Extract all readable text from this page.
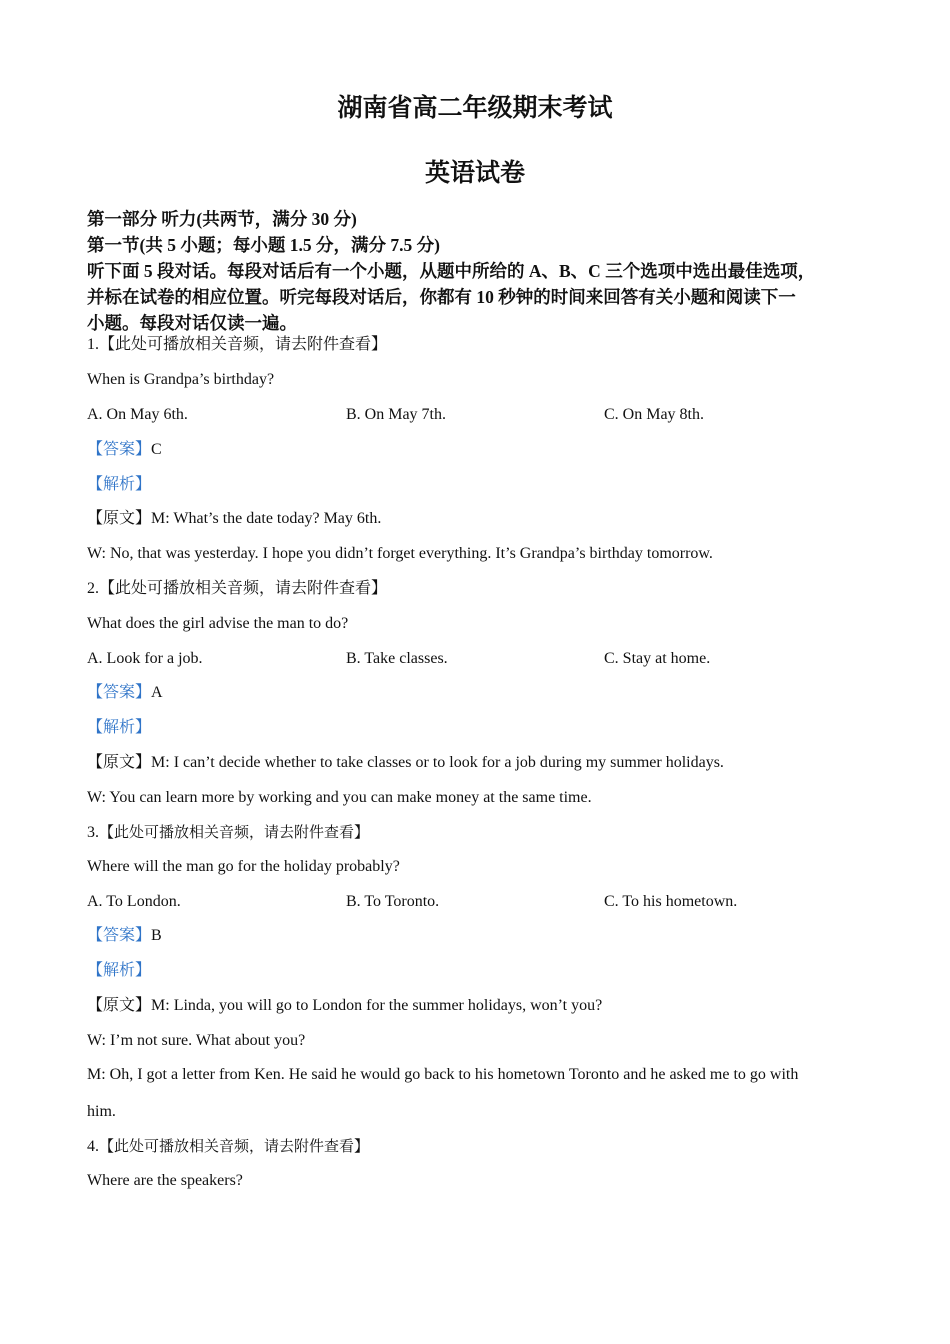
湖南省高二年级期末考试
英语试卷

第一部分 听力(共两节，满分 30 分)

第一节(共 5 小题；每小题 1.5 分，满分 7.5 分)

听下面 5 段对话。每段对话后有一个小题，从题中所给的 A、B、C 三个选项中选出最佳选项，

并标在试卷的相应位置。听完每段对话后，你都有 10 秒钟的时间来回答有关小题和阅读下一

小题。每段对话仅读一遍。

1.【此处可播放相关音频，请去附件查看】

When is Grandpa’s birthday?

A. On May 6th.	B. On May 7th.	C. On May 8th.

【答案】C

【解析】

【原文】M: What’s the date today? May 6th.

W: No, that was yesterday. I hope you didn’t forget everything. It’s Grandpa’s birthday tomorrow.

2.【此处可播放相关音频，请去附件查看】

What does the girl advise the man to do?

A. Look for a job.	B. Take classes.	C. Stay at home.

【答案】A

【解析】

【原文】M: I can’t decide whether to take classes or to look for a job during my summer holidays.

W: You can learn more by working and you can make money at the same time.

3.【此处可播放相关音频，请去附件查看】

Where will the man go for the holiday probably?

A. To London.	B. To Toronto.	C. To his hometown.

【答案】B

【解析】

【原文】M: Linda, you will go to London for the summer holidays, won’t you?

W: I’m not sure. What about you?

M: Oh, I got a letter from Ken. He said he would go back to his hometown Toronto and he asked me to go with

him.

4.【此处可播放相关音频，请去附件查看】

Where are the speakers?
